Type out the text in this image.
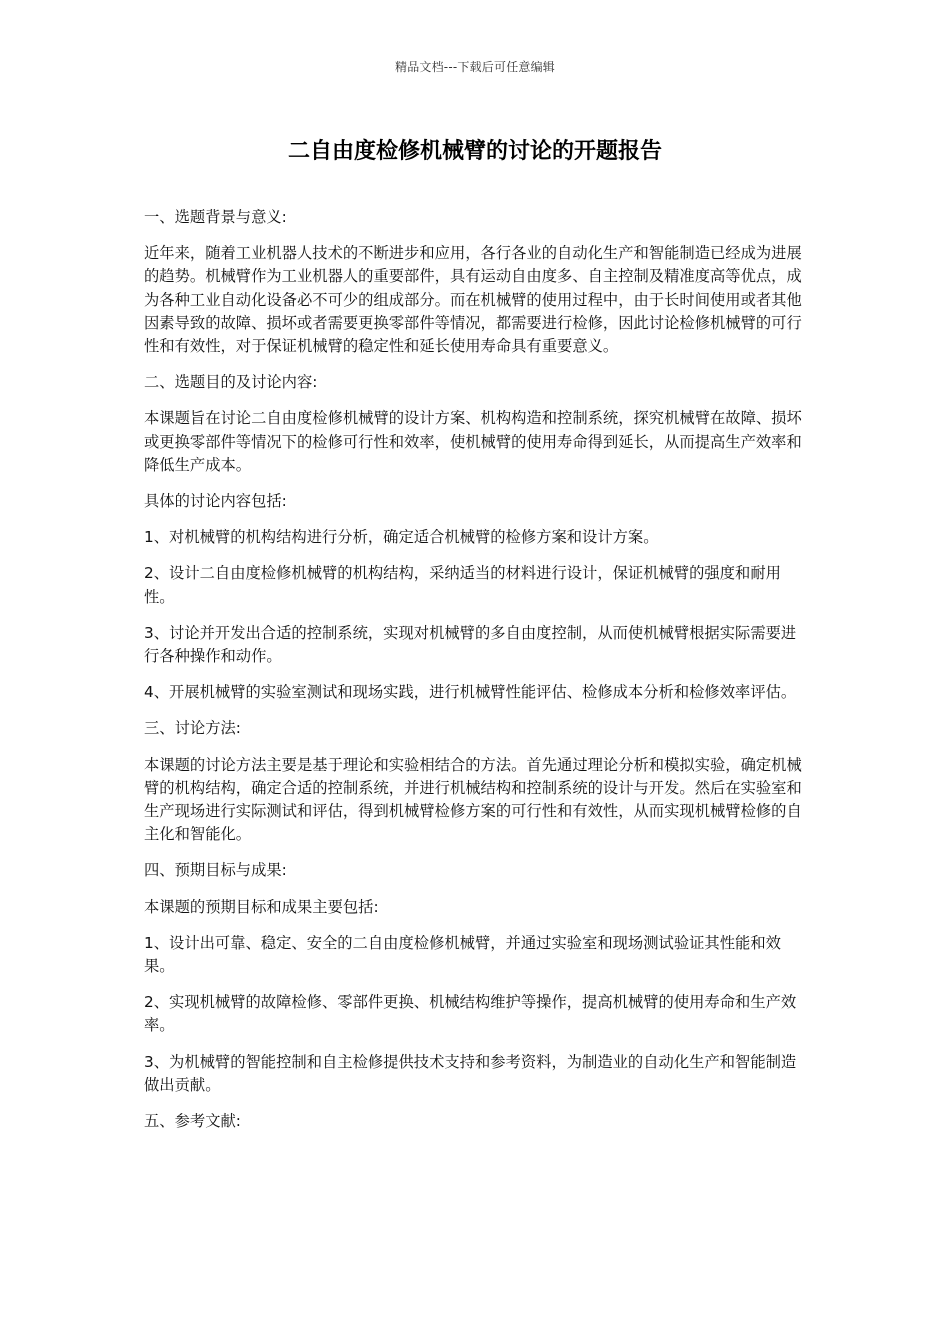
精品文档---下载后可任意编辑
二自由度检修机械臂的讨论的开题报告

一、选题背景与意义:

近年来，随着工业机器人技术的不断进步和应用，各行各业的自动化生产和智能制造已经成为进展的趋势。机械臂作为工业机器人的重要部件，具有运动自由度多、自主控制及精准度高等优点，成为各种工业自动化设备必不可少的组成部分。而在机械臂的使用过程中，由于长时间使用或者其他因素导致的故障、损坏或者需要更换零部件等情况，都需要进行检修，因此讨论检修机械臂的可行性和有效性，对于保证机械臂的稳定性和延长使用寿命具有重要意义。

二、选题目的及讨论内容:

本课题旨在讨论二自由度检修机械臂的设计方案、机构构造和控制系统，探究机械臂在故障、损坏或更换零部件等情况下的检修可行性和效率，使机械臂的使用寿命得到延长，从而提高生产效率和降低生产成本。

具体的讨论内容包括:

1、对机械臂的机构结构进行分析，确定适合机械臂的检修方案和设计方案。

2、设计二自由度检修机械臂的机构结构，采纳适当的材料进行设计，保证机械臂的强度和耐用性。

3、讨论并开发出合适的控制系统，实现对机械臂的多自由度控制，从而使机械臂根据实际需要进行各种操作和动作。

4、开展机械臂的实验室测试和现场实践，进行机械臂性能评估、检修成本分析和检修效率评估。

三、讨论方法:

本课题的讨论方法主要是基于理论和实验相结合的方法。首先通过理论分析和模拟实验，确定机械臂的机构结构，确定合适的控制系统，并进行机械结构和控制系统的设计与开发。然后在实验室和生产现场进行实际测试和评估，得到机械臂检修方案的可行性和有效性，从而实现机械臂检修的自主化和智能化。

四、预期目标与成果:

本课题的预期目标和成果主要包括:

1、设计出可靠、稳定、安全的二自由度检修机械臂，并通过实验室和现场测试验证其性能和效果。

2、实现机械臂的故障检修、零部件更换、机械结构维护等操作，提高机械臂的使用寿命和生产效率。

3、为机械臂的智能控制和自主检修提供技术支持和参考资料，为制造业的自动化生产和智能制造做出贡献。

五、参考文献:
